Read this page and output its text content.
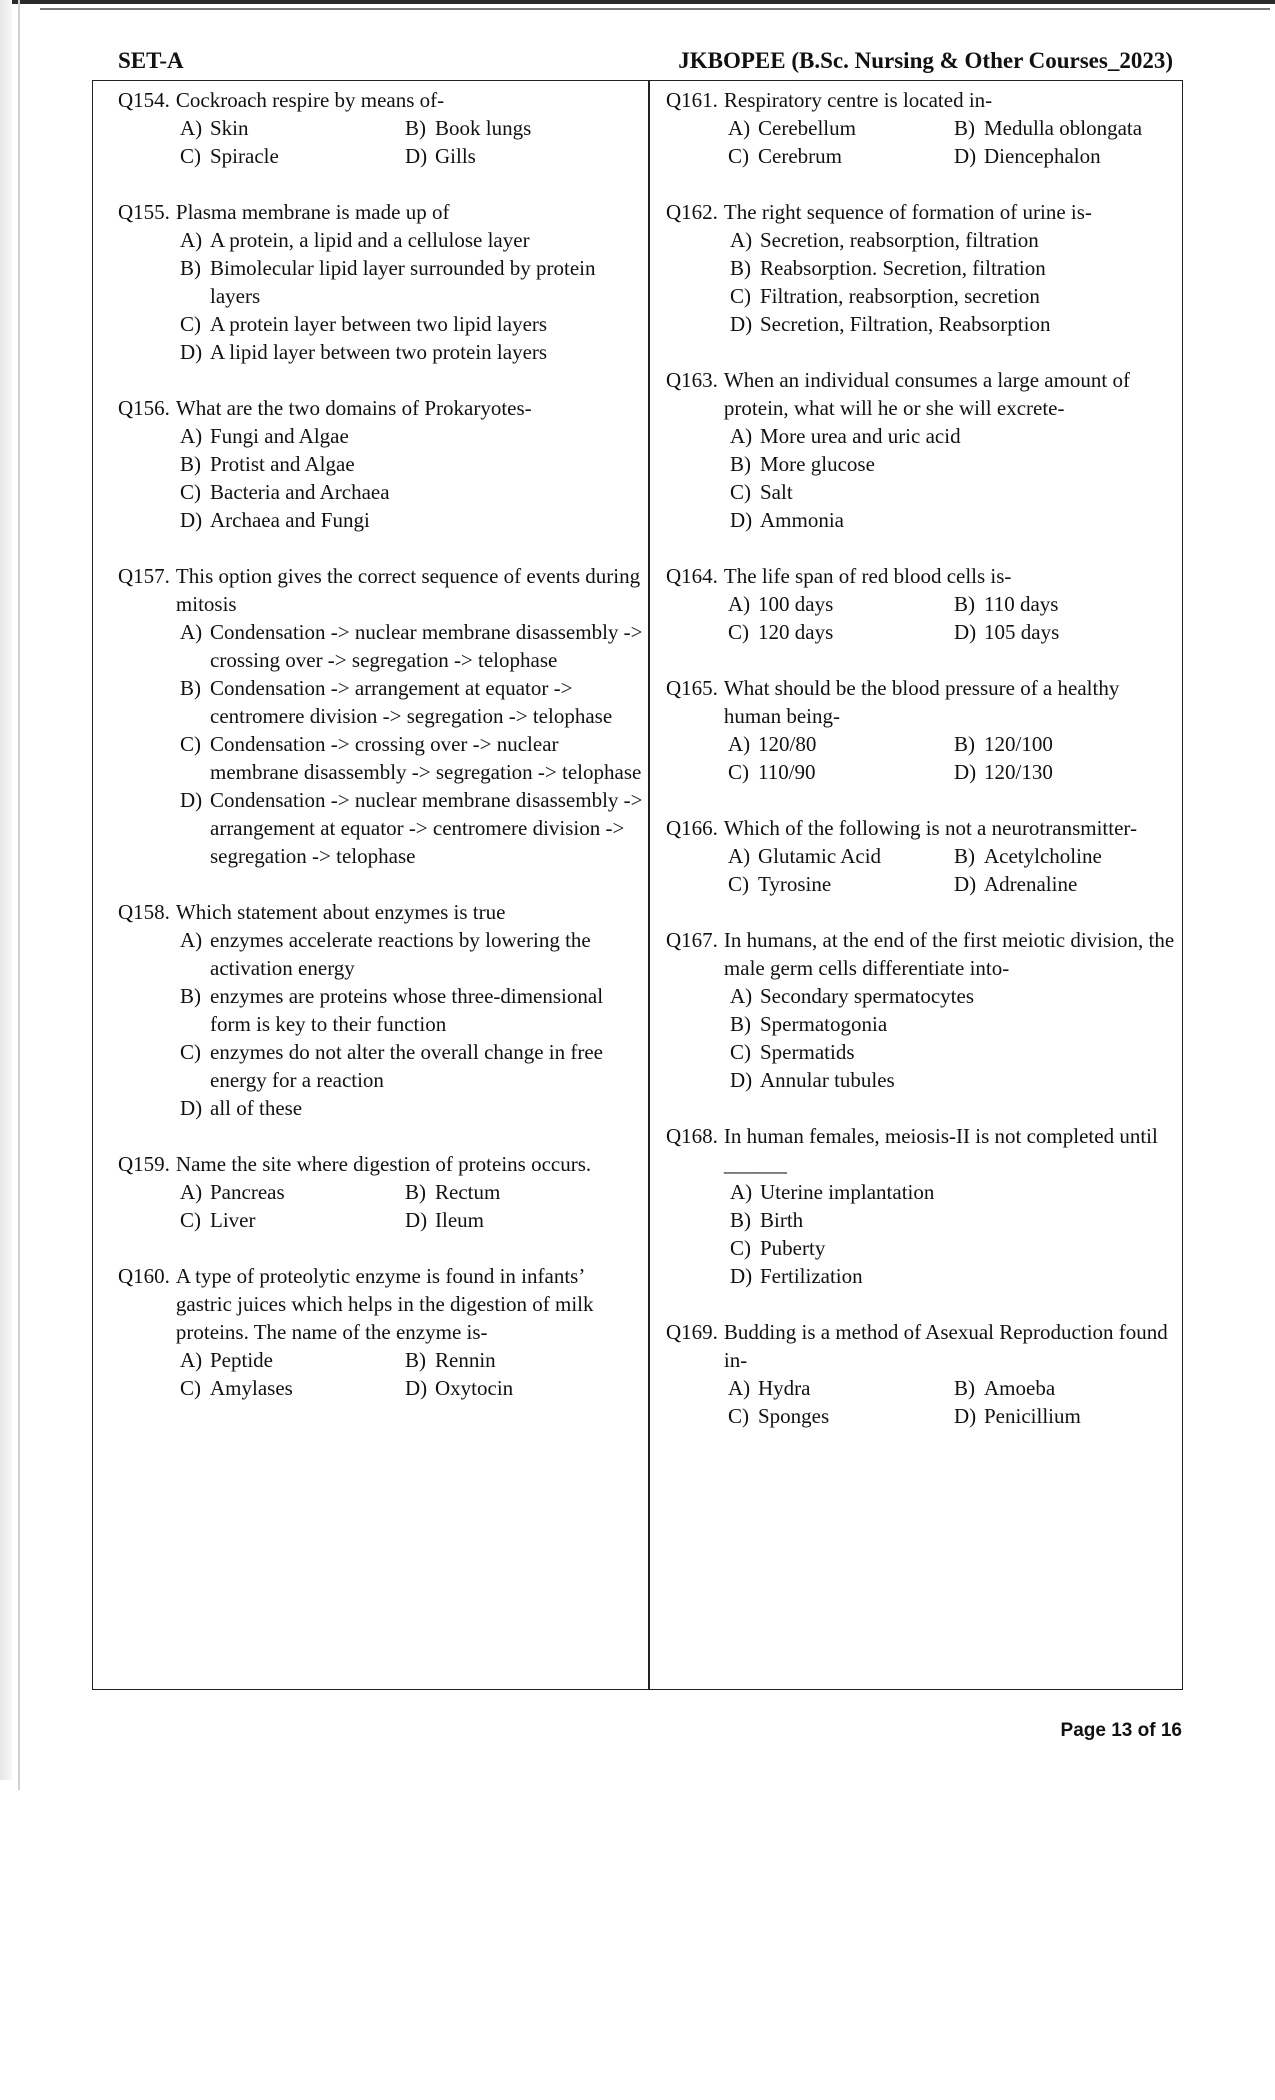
SET-A	JKBOPEE (B.Sc. Nursing & Other Courses_2023)
Q154. Cockroach respire by means of-
A) Skin	B) Book lungs
C) Spiracle	D) Gills
Q155. Plasma membrane is made up of
A) A protein, a lipid and a cellulose layer
B) Bimolecular lipid layer surrounded by protein layers
C) A protein layer between two lipid layers
D) A lipid layer between two protein layers
Q156. What are the two domains of Prokaryotes-
A) Fungi and Algae
B) Protist and Algae
C) Bacteria and Archaea
D) Archaea and Fungi
Q157. This option gives the correct sequence of events during mitosis
A) Condensation -> nuclear membrane disassembly -> crossing over -> segregation -> telophase
B) Condensation -> arrangement at equator -> centromere division -> segregation -> telophase
C) Condensation -> crossing over -> nuclear membrane disassembly -> segregation -> telophase
D) Condensation -> nuclear membrane disassembly -> arrangement at equator -> centromere division -> segregation -> telophase
Q158. Which statement about enzymes is true
A) enzymes accelerate reactions by lowering the activation energy
B) enzymes are proteins whose three-dimensional form is key to their function
C) enzymes do not alter the overall change in free energy for a reaction
D) all of these
Q159. Name the site where digestion of proteins occurs.
A) Pancreas	B) Rectum
C) Liver	D) Ileum
Q160. A type of proteolytic enzyme is found in infants’ gastric juices which helps in the digestion of milk proteins. The name of the enzyme is-
A) Peptide	B) Rennin
C) Amylases	D) Oxytocin
Q161. Respiratory centre is located in-
A) Cerebellum	B) Medulla oblongata
C) Cerebrum	D) Diencephalon
Q162. The right sequence of formation of urine is-
A) Secretion, reabsorption, filtration
B) Reabsorption. Secretion, filtration
C) Filtration, reabsorption, secretion
D) Secretion, Filtration, Reabsorption
Q163. When an individual consumes a large amount of protein, what will he or she will excrete-
A) More urea and uric acid
B) More glucose
C) Salt
D) Ammonia
Q164. The life span of red blood cells is-
A) 100 days	B) 110 days
C) 120 days	D) 105 days
Q165. What should be the blood pressure of a healthy human being-
A) 120/80	B) 120/100
C) 110/90	D) 120/130
Q166. Which of the following is not a neurotransmitter-
A) Glutamic Acid	B) Acetylcholine
C) Tyrosine	D) Adrenaline
Q167. In humans, at the end of the first meiotic division, the male germ cells differentiate into-
A) Secondary spermatocytes
B) Spermatogonia
C) Spermatids
D) Annular tubules
Q168. In human females, meiosis-II is not completed until ______
A) Uterine implantation
B) Birth
C) Puberty
D) Fertilization
Q169. Budding is a method of Asexual Reproduction found in-
A) Hydra	B) Amoeba
C) Sponges	D) Penicillium
Page 13 of 16
